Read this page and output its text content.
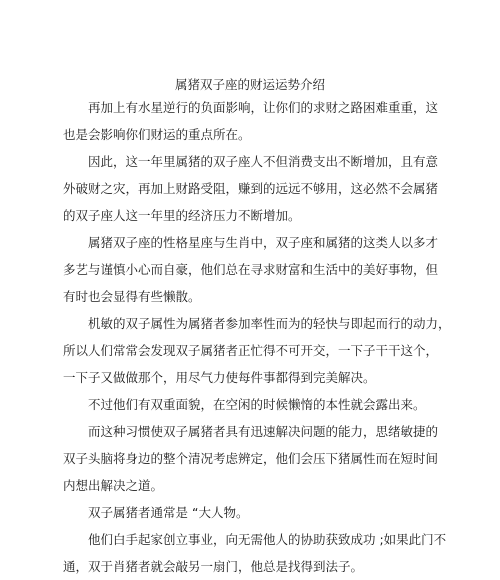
属猪双子座的财运运势介绍
再加上有水星逆行的负面影响，让你们的求财之路困难重重，这
也是会影响你们财运的重点所在。
因此，这一年里属猪的双子座人不但消费支出不断增加，且有意
外破财之灾，再加上财路受阻，赚到的远远不够用，这必然不会属猪
的双子座人这一年里的经济压力不断增加。
属猪双子座的性格星座与生肖中，双子座和属猪的这类人以多才
多艺与谨慎小心而自豪，他们总在寻求财富和生活中的美好事物，但
有时也会显得有些懒散。
机敏的双子属性为属猪者参加率性而为的轻快与即起而行的动力，
所以人们常常会发现双子属猪者正忙得不可开交，一下子干干这个，
一下子又做做那个，用尽气力使每件事都得到完美解决。
不过他们有双重面貌，在空闲的时候懒惰的本性就会露出来。
而这种习惯使双子属猪者具有迅速解决问题的能力，思绪敏捷的
双子头脑将身边的整个清况考虑辨定，他们会压下猪属性而在短时间
内想出解决之道。
双子属猪者通常是 “大人物。
他们白手起家创立事业，向无需他人的协助获致成功 ;如果此门不
通，双于肖猪者就会敲另一扇门，他总是找得到法子。
